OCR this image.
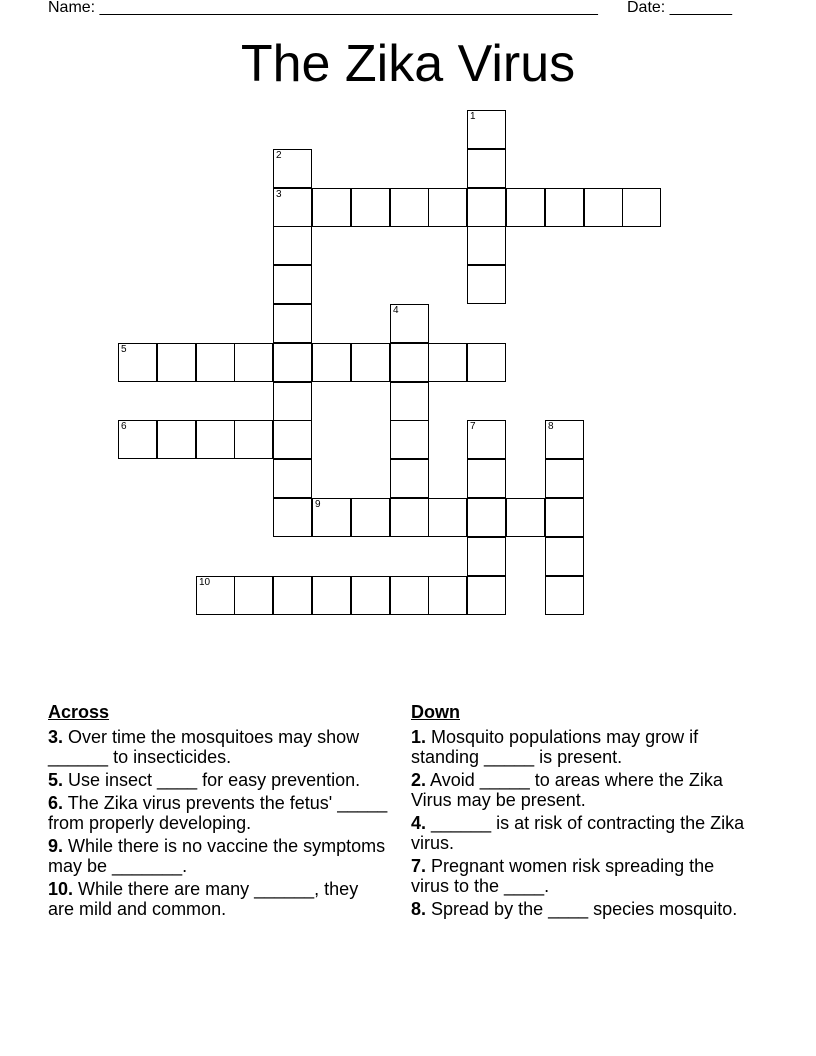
Name: ________________________________________________________ Date: _______
The Zika Virus
3
5
6
9
10
1
2
4
7	8
Across
3. Over time the mosquitoes may show ______ to insecticides.
5. Use insect ____ for easy prevention.
6. The Zika virus prevents the fetus' _____ from properly developing.
9. While there is no vaccine the symptoms may be _______.
10. While there are many ______, they are mild and common.
Down
1. Mosquito populations may grow if standing _____ is present.
2. Avoid _____ to areas where the Zika Virus may be present.
4. ______ is at risk of contracting the Zika virus.
7. Pregnant women risk spreading the virus to the ____.
8. Spread by the ____ species mosquito.
